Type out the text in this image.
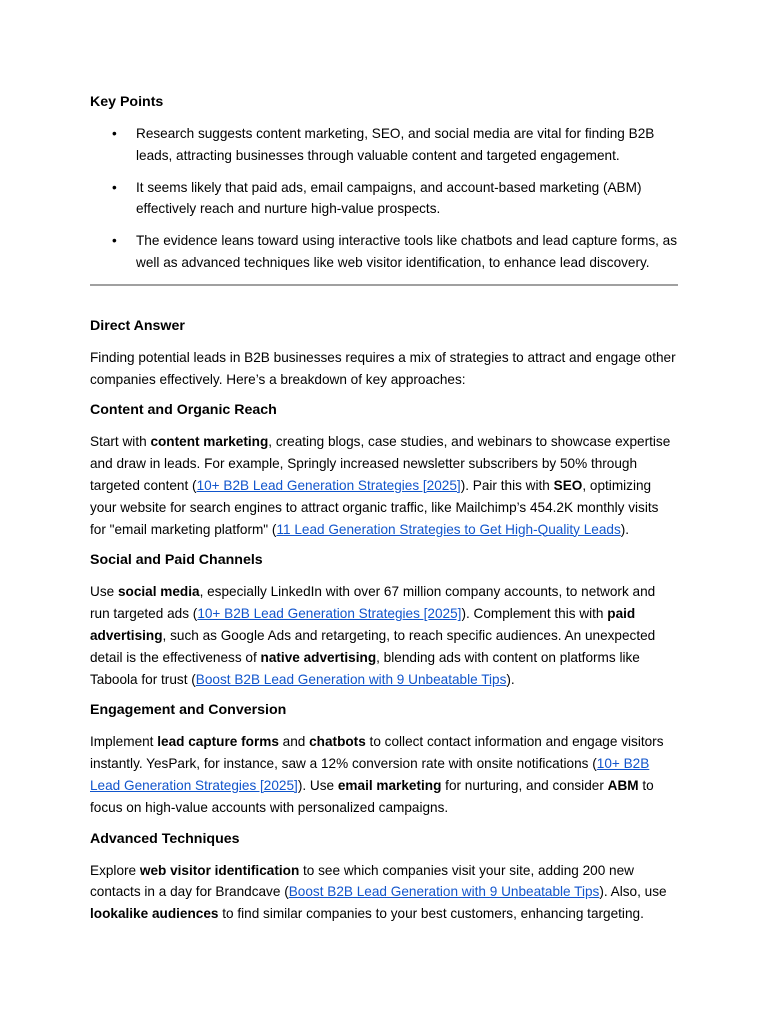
Key Points
• Research suggests content marketing, SEO, and social media are vital for finding B2B leads, attracting businesses through valuable content and targeted engagement.
• It seems likely that paid ads, email campaigns, and account-based marketing (ABM) effectively reach and nurture high-value prospects.
• The evidence leans toward using interactive tools like chatbots and lead capture forms, as well as advanced techniques like web visitor identification, to enhance lead discovery.
Direct Answer

Finding potential leads in B2B businesses requires a mix of strategies to attract and engage other companies effectively. Here’s a breakdown of key approaches:

Content and Organic Reach

Start with content marketing, creating blogs, case studies, and webinars to showcase expertise and draw in leads. For example, Springly increased newsletter subscribers by 50% through targeted content (10+ B2B Lead Generation Strategies [2025]). Pair this with SEO, optimizing your website for search engines to attract organic traffic, like Mailchimp’s 454.2K monthly visits for "email marketing platform" (11 Lead Generation Strategies to Get High-Quality Leads).

Social and Paid Channels

Use social media, especially LinkedIn with over 67 million company accounts, to network and run targeted ads (10+ B2B Lead Generation Strategies [2025]). Complement this with paid advertising, such as Google Ads and retargeting, to reach specific audiences. An unexpected detail is the effectiveness of native advertising, blending ads with content on platforms like Taboola for trust (Boost B2B Lead Generation with 9 Unbeatable Tips).

Engagement and Conversion

Implement lead capture forms and chatbots to collect contact information and engage visitors instantly. YesPark, for instance, saw a 12% conversion rate with onsite notifications (10+ B2B Lead Generation Strategies [2025]). Use email marketing for nurturing, and consider ABM to focus on high-value accounts with personalized campaigns.

Advanced Techniques

Explore web visitor identification to see which companies visit your site, adding 200 new contacts in a day for Brandcave (Boost B2B Lead Generation with 9 Unbeatable Tips). Also, use lookalike audiences to find similar companies to your best customers, enhancing targeting.
